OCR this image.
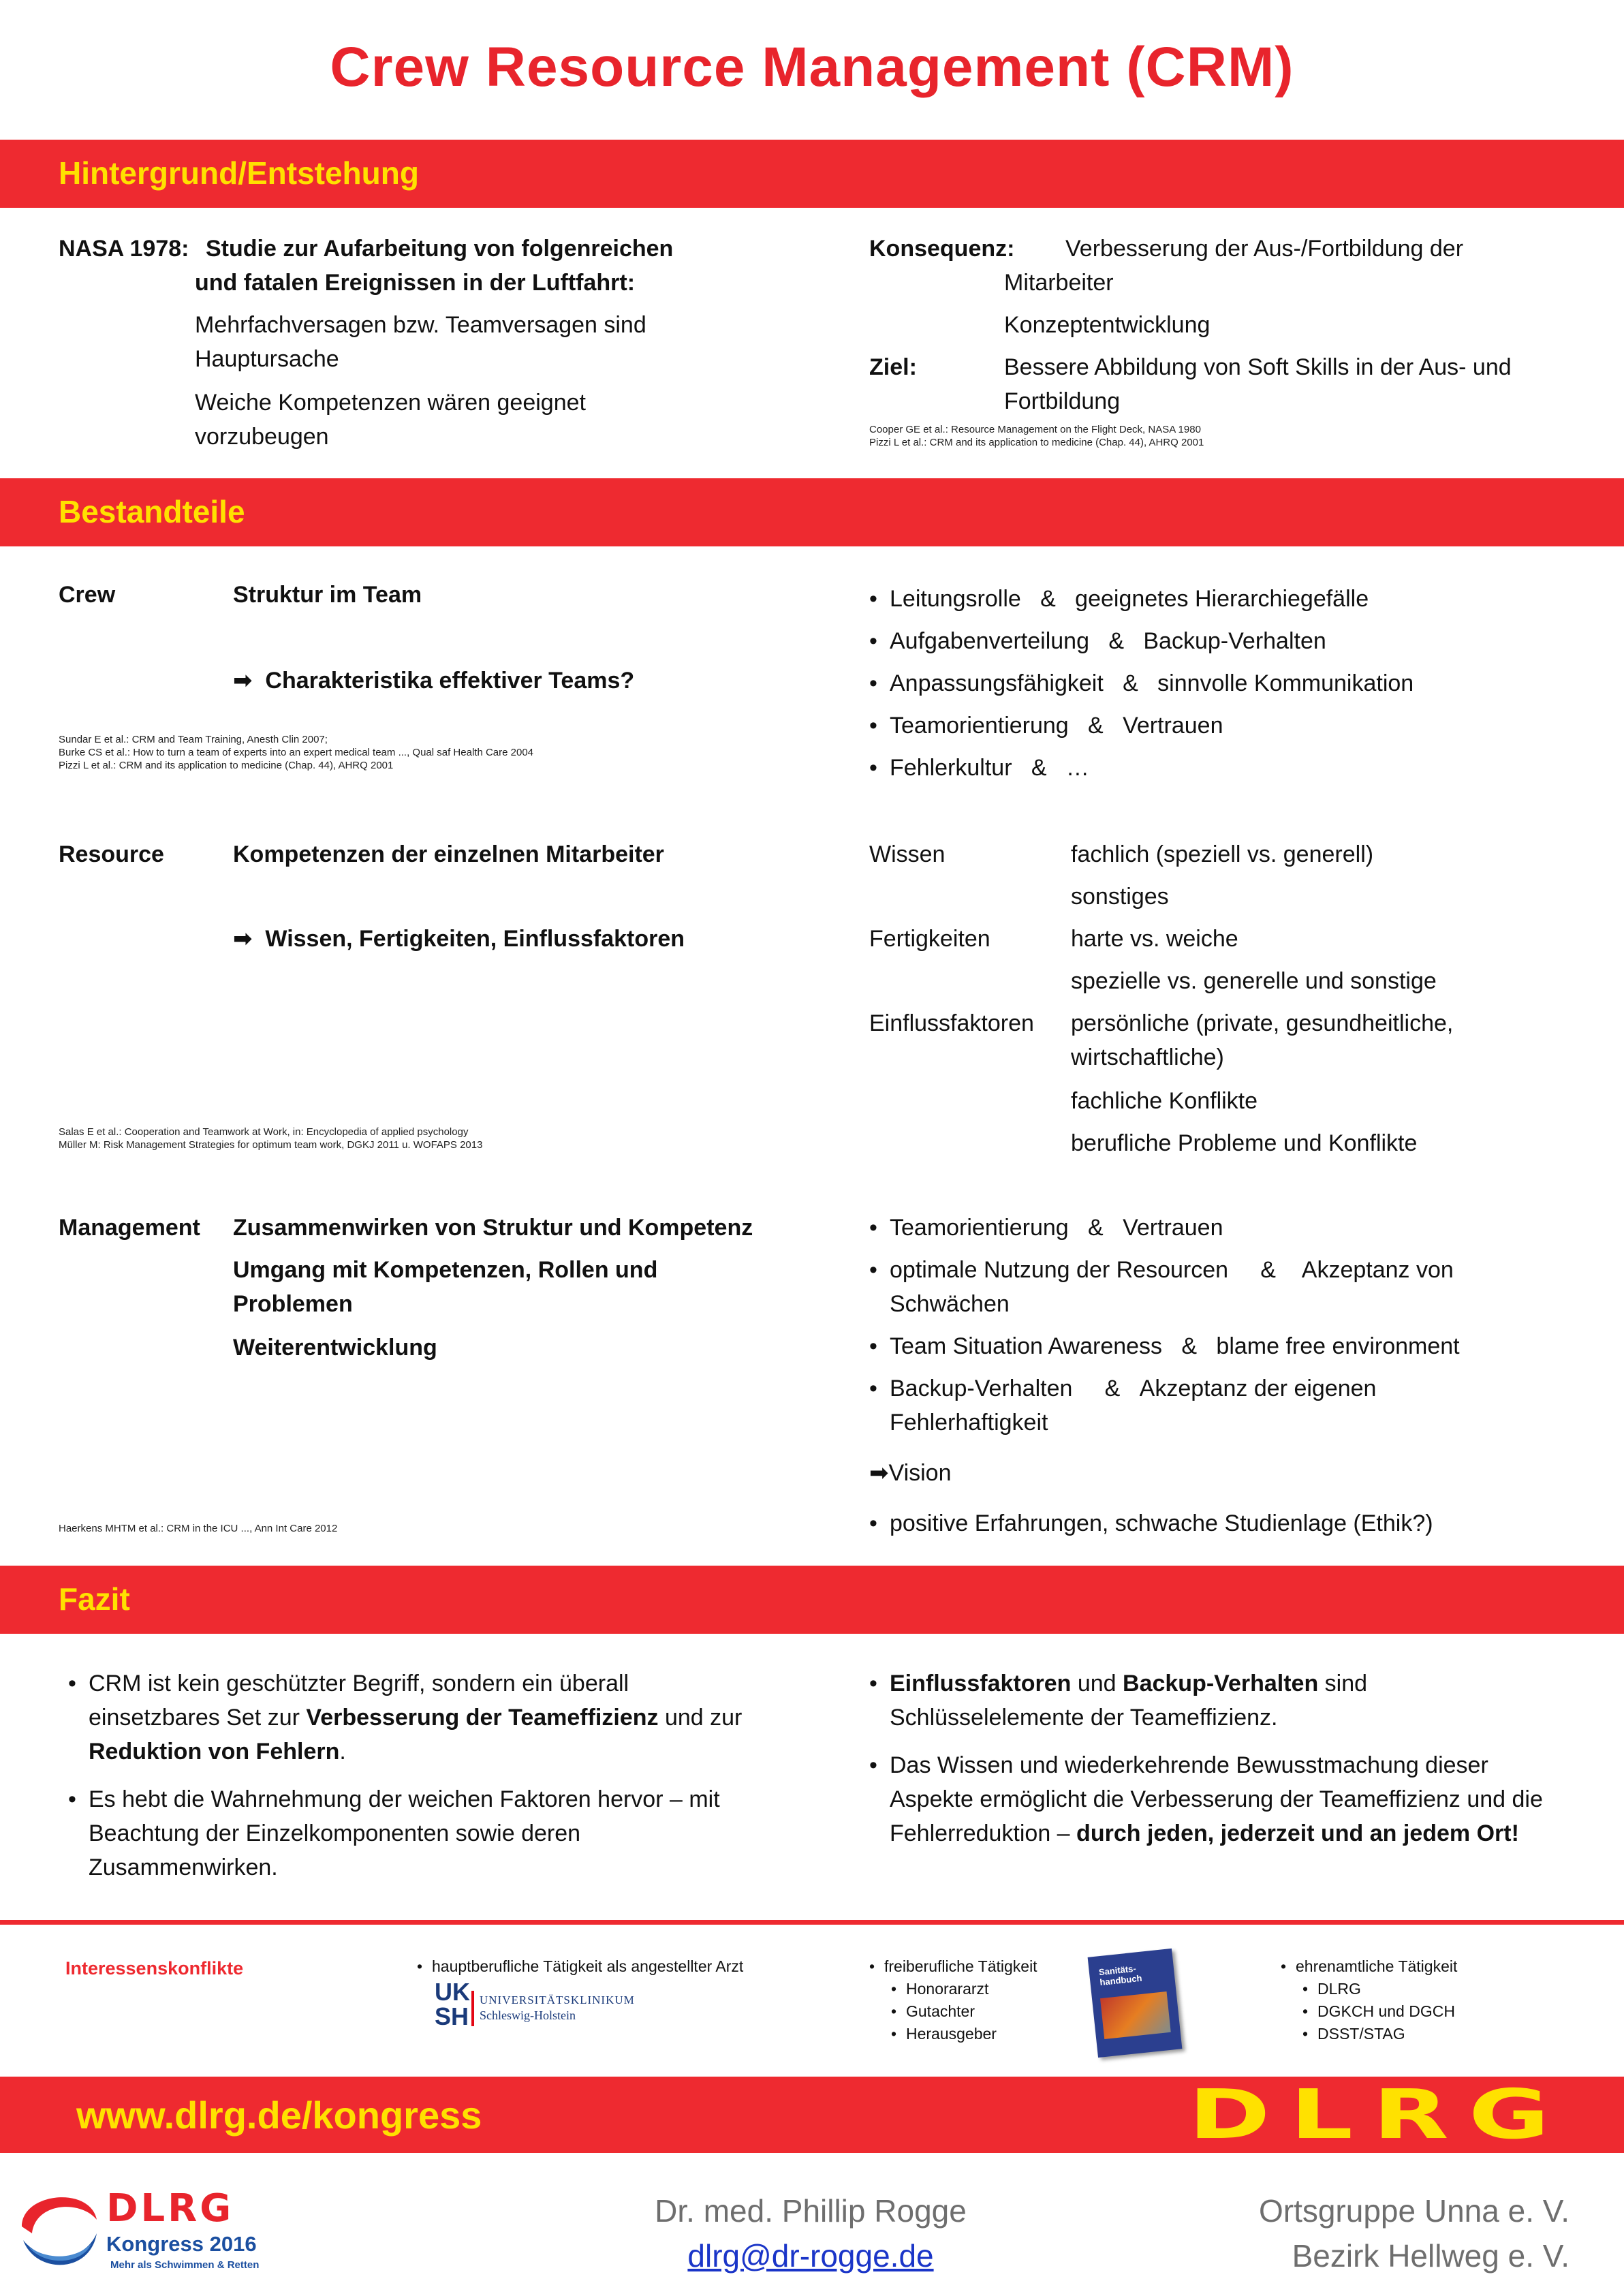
Crew Resource Management (CRM)
Hintergrund/Entstehung
NASA 1978: Studie zur Aufarbeitung von folgenreichen
und fatalen Ereignissen in der Luftfahrt:
Mehrfachversagen bzw. Teamversagen sind Hauptursache
Weiche Kompetenzen wären geeignet vorzubeugen
Konsequenz:	Verbesserung der Aus-/Fortbildung der Mitarbeiter
Konzeptentwicklung
Ziel:	Bessere Abbildung von Soft Skills in der Aus- und Fortbildung
Cooper GE et al.: Resource Management on the Flight Deck, NASA 1980
Pizzi L et al.: CRM and its application to medicine (Chap. 44), AHRQ 2001
Bestandteile
Crew	Struktur im Team
➡ Charakteristika effektiver Teams?
Sundar E et al.: CRM and Team Training, Anesth Clin 2007;
Burke CS et al.: How to turn a team of experts into an expert medical team ..., Qual saf Health Care 2004
Pizzi L et al.: CRM and its application to medicine (Chap. 44), AHRQ 2001
• Leitungsrolle   &   geeignetes Hierarchiegefälle
• Aufgabenverteilung   &   Backup-Verhalten
• Anpassungsfähigkeit   &   sinnvolle Kommunikation
• Teamorientierung   &   Vertrauen
• Fehlerkultur   &   …
Resource	Kompetenzen der einzelnen Mitarbeiter
➡ Wissen, Fertigkeiten, Einflussfaktoren
Salas E et al.: Cooperation and Teamwork at Work, in: Encyclopedia of applied psychology
Müller M: Risk Management Strategies for optimum team work, DGKJ 2011 u. WOFAPS 2013
Wissen	fachlich (speziell vs. generell)
sonstiges
Fertigkeiten	harte vs. weiche
spezielle vs. generelle und sonstige
Einflussfaktoren persönliche (private, gesundheitliche, wirtschaftliche)
fachliche Konflikte
berufliche Probleme und Konflikte
Management Zusammenwirken von Struktur und Kompetenz
Umgang mit Kompetenzen, Rollen und Problemen
Weiterentwicklung
Haerkens MHTM et al.: CRM in the ICU ..., Ann Int Care 2012
• Teamorientierung   &   Vertrauen
• optimale Nutzung der Resourcen     &    Akzeptanz von Schwächen
• Team Situation Awareness   &   blame free environment
• Backup-Verhalten     &   Akzeptanz der eigenen Fehlerhaftigkeit
➡Vision
• positive Erfahrungen, schwache Studienlage (Ethik?)
Fazit
• CRM ist kein geschützter Begriff, sondern ein überall einsetzbares Set zur Verbesserung der Teameffizienz und zur Reduktion von Fehlern.
• Es hebt die Wahrnehmung der weichen Faktoren hervor – mit Beachtung der Einzelkomponenten sowie deren Zusammenwirken.
• Einflussfaktoren und Backup-Verhalten sind Schlüsselelemente der Teameffizienz.
• Das Wissen und wiederkehrende Bewusstmachung dieser Aspekte ermöglicht die Verbesserung der Teameffizienz und die Fehlerreduktion – durch jeden, jederzeit und an jedem Ort!
Interessenskonflikte
•	hauptberufliche Tätigkeit als angestellter Arzt
UK
SH
UNIVERSITÄTSKLINIKUM
Schleswig-Holstein
• freiberufliche Tätigkeit
• Honorararzt
• Gutachter
• Herausgeber
Sanitäts-handbuch
• ehrenamtliche Tätigkeit
• DLRG
• DGKCH und DGCH
• DSST/STAG
www.dlrg.de/kongress	DLRG
DLRG
Kongress 2016
Mehr als Schwimmen & Retten
Dr. med. Phillip Rogge
dlrg@dr-rogge.de
Ortsgruppe Unna e. V.
Bezirk Hellweg e. V.
